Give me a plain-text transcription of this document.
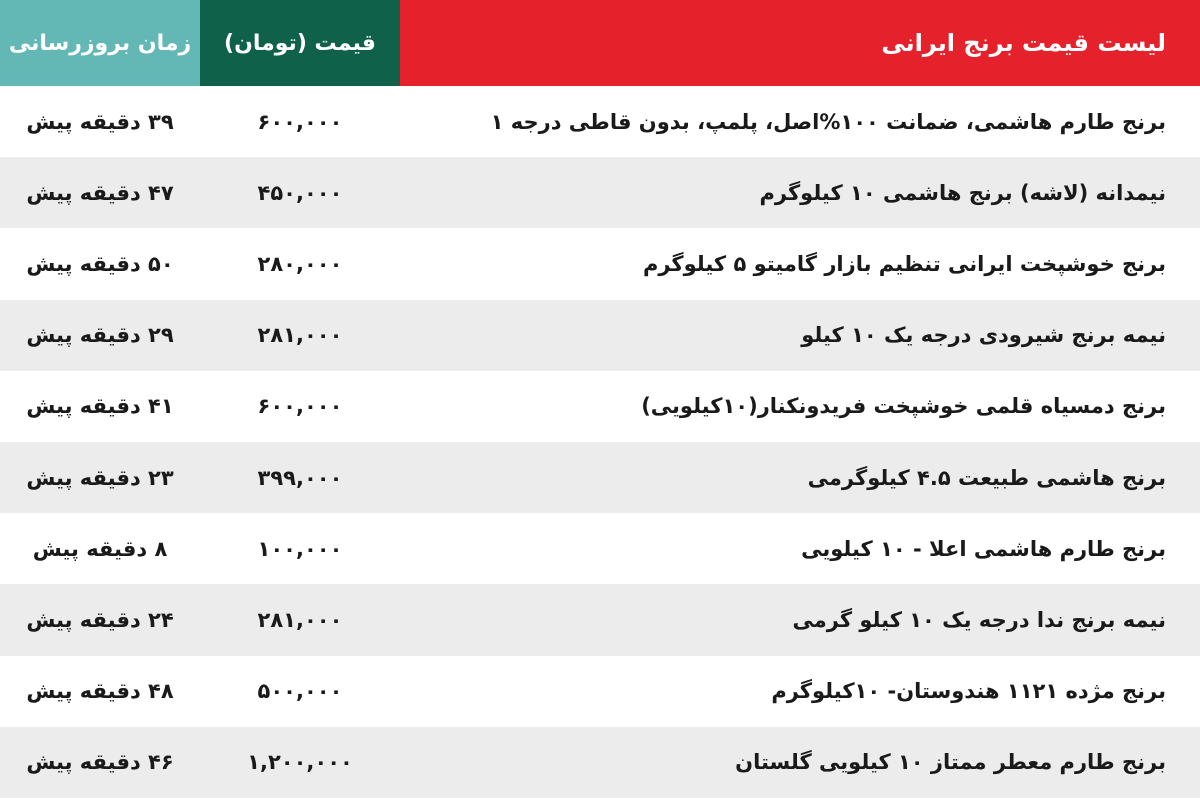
زمان بروزرسانی	قیمت (تومان)	لیست قیمت برنج ایرانی
۳۹ دقیقه پیش	۶۰۰,۰۰۰	برنج طارم هاشمی، ضمانت ۱۰۰%اصل، پلمپ، بدون قاطی درجه ۱
۴۷ دقیقه پیش	۴۵۰,۰۰۰	نیمدانه (لاشه) برنج هاشمی ۱۰ کیلوگرم
۵۰ دقیقه پیش	۲۸۰,۰۰۰	برنج خوشپخت ایرانی تنظیم بازار گامیتو ۵ کیلوگرم
۲۹ دقیقه پیش	۲۸۱,۰۰۰	نیمه برنج شیرودی درجه یک ۱۰ کیلو
۴۱ دقیقه پیش	۶۰۰,۰۰۰	برنج دمسیاه قلمی خوشپخت فریدونکنار(۱۰کیلویی)
۲۳ دقیقه پیش	۳۹۹,۰۰۰	برنج هاشمی طبیعت ۴.۵ کیلوگرمی
۸ دقیقه پیش	۱۰۰,۰۰۰	برنج طارم هاشمی اعلا - ۱۰ کیلویی
۲۴ دقیقه پیش	۲۸۱,۰۰۰	نیمه برنج ندا درجه یک ۱۰ کیلو گرمی
۴۸ دقیقه پیش	۵۰۰,۰۰۰	برنج مژده ۱۱۲۱ هندوستان- ۱۰کیلوگرم
۴۶ دقیقه پیش	۱,۲۰۰,۰۰۰	برنج طارم معطر ممتاز ۱۰ کیلویی گلستان
